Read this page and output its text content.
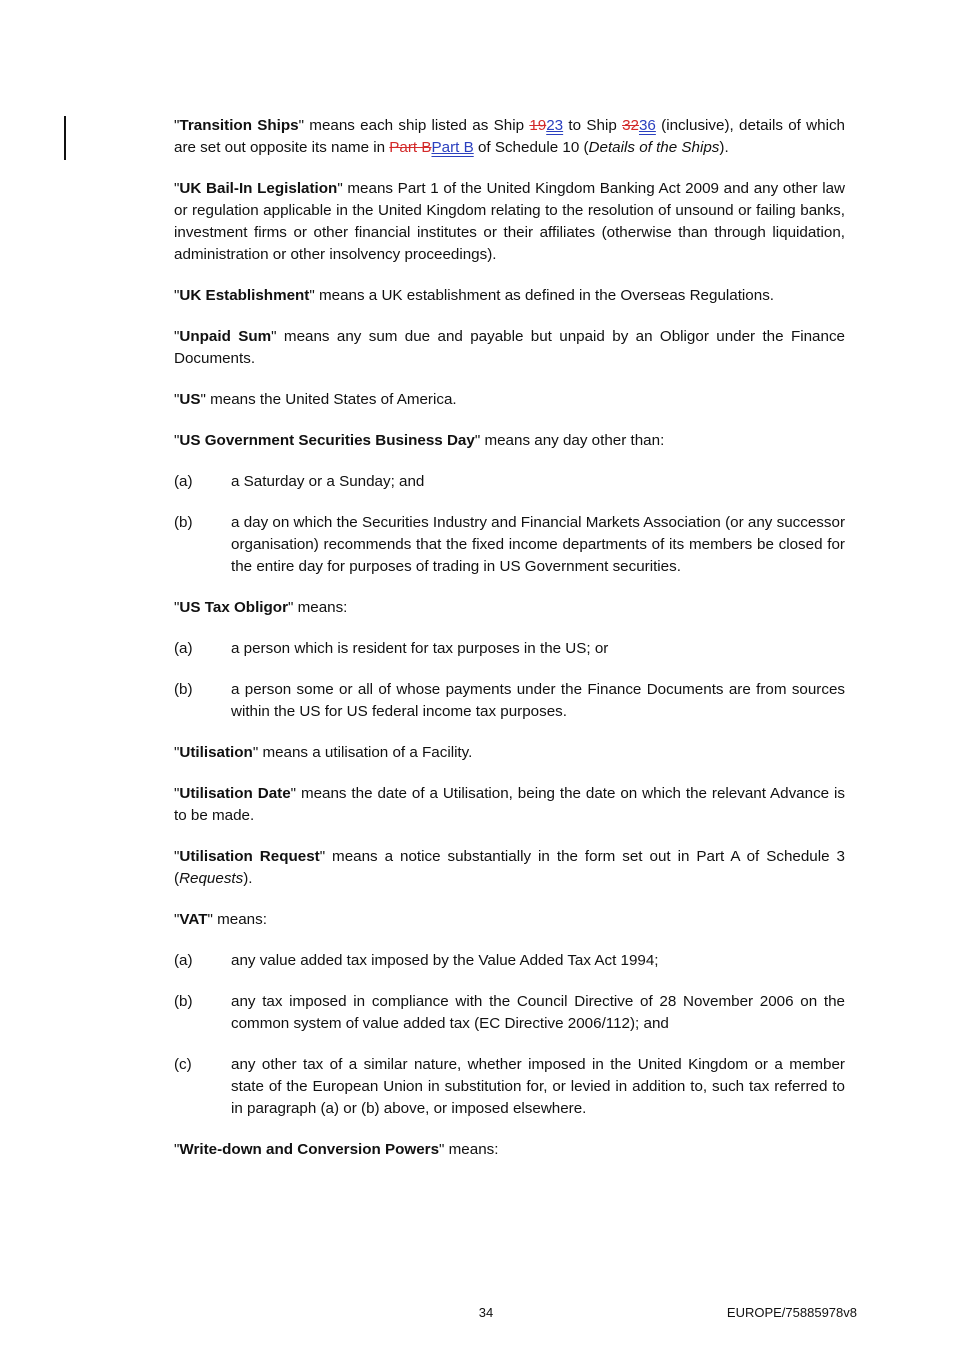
"Transition Ships" means each ship listed as Ship 1923 to Ship 3236 (inclusive), details of which are set out opposite its name in Part BPart B of Schedule 10 (Details of the Ships).

"UK Bail-In Legislation" means Part 1 of the United Kingdom Banking Act 2009 and any other law or regulation applicable in the United Kingdom relating to the resolution of unsound or failing banks, investment firms or other financial institutes or their affiliates (otherwise than through liquidation, administration or other insolvency proceedings).

"UK Establishment" means a UK establishment as defined in the Overseas Regulations.

"Unpaid Sum" means any sum due and payable but unpaid by an Obligor under the Finance Documents.

"US" means the United States of America.

"US Government Securities Business Day" means any day other than:

(a)	a Saturday or a Sunday; and
(b)	a day on which the Securities Industry and Financial Markets Association (or any successor organisation) recommends that the fixed income departments of its members be closed for the entire day for purposes of trading in US Government securities.

"US Tax Obligor" means:

(a)	a person which is resident for tax purposes in the US; or
(b)	a person some or all of whose payments under the Finance Documents are from sources within the US for US federal income tax purposes.

"Utilisation" means a utilisation of a Facility.

"Utilisation Date" means the date of a Utilisation, being the date on which the relevant Advance is to be made.

"Utilisation Request" means a notice substantially in the form set out in Part A of Schedule 3 (Requests).

"VAT" means:

(a)	any value added tax imposed by the Value Added Tax Act 1994;
(b)	any tax imposed in compliance with the Council Directive of 28 November 2006 on the common system of value added tax (EC Directive 2006/112); and
(c)	any other tax of a similar nature, whether imposed in the United Kingdom or a member state of the European Union in substitution for, or levied in addition to, such tax referred to in paragraph (a) or (b) above, or imposed elsewhere.

"Write-down and Conversion Powers" means:

34	EUROPE/75885978v8
